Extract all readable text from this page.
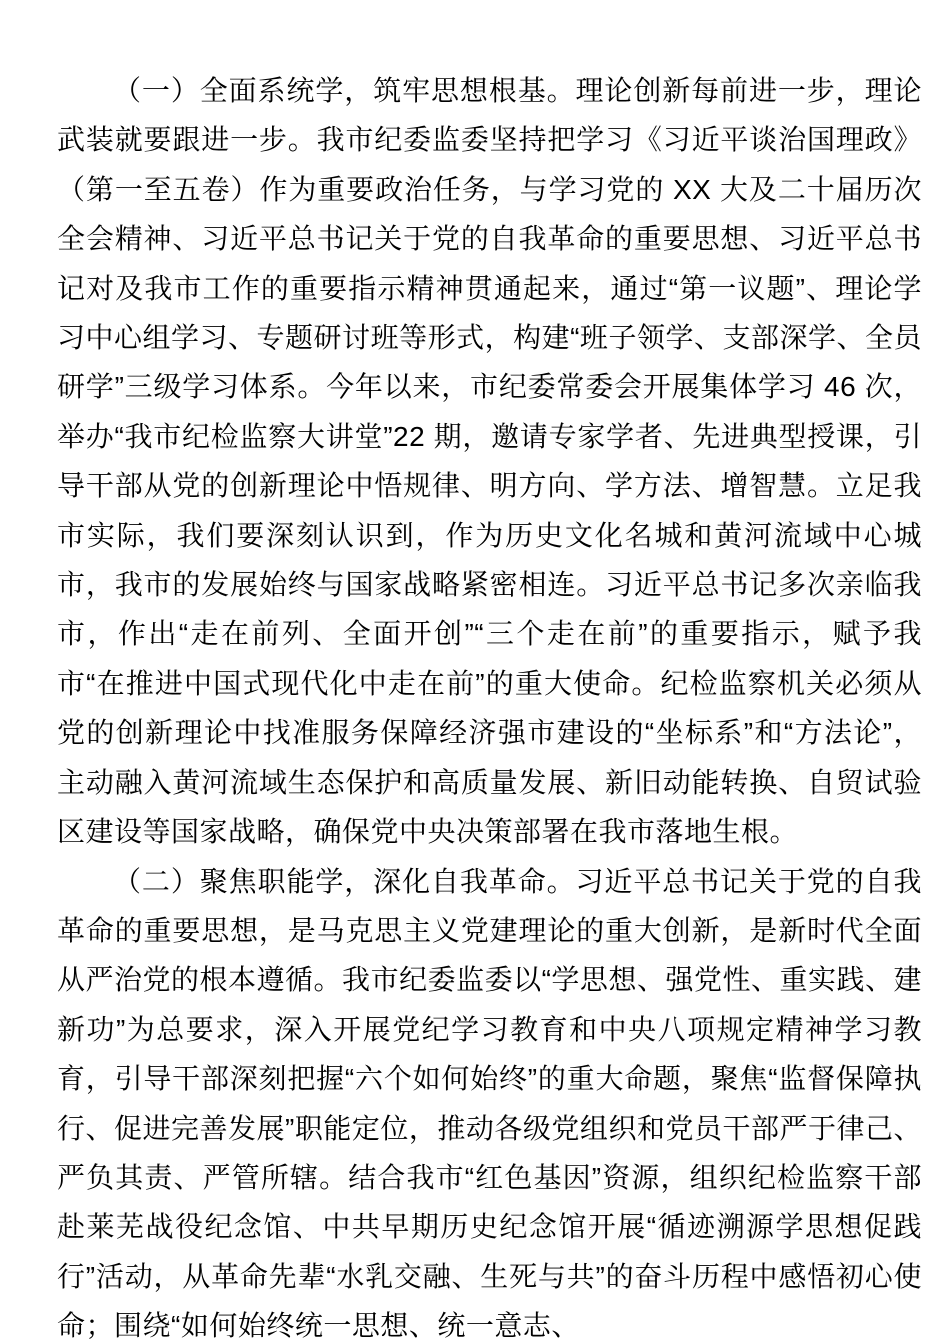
（一）全面系统学，筑牢思想根基。理论创新每前进一步，理论武装就要跟进一步。我市纪委监委坚持把学习《习近平谈治国理政》（第一至五卷）作为重要政治任务，与学习党的 XX 大及二十届历次全会精神、习近平总书记关于党的自我革命的重要思想、习近平总书记对及我市工作的重要指示精神贯通起来，通过“第一议题”、理论学习中心组学习、专题研讨班等形式，构建“班子领学、支部深学、全员研学”三级学习体系。今年以来，市纪委常委会开展集体学习 46 次，举办“我市纪检监察大讲堂”22 期，邀请专家学者、先进典型授课，引导干部从党的创新理论中悟规律、明方向、学方法、增智慧。立足我市实际，我们要深刻认识到，作为历史文化名城和黄河流域中心城市，我市的发展始终与国家战略紧密相连。习近平总书记多次亲临我市，作出“走在前列、全面开创”“三个走在前”的重要指示，赋予我市“在推进中国式现代化中走在前”的重大使命。纪检监察机关必须从党的创新理论中找准服务保障经济强市建设的“坐标系”和“方法论”，主动融入黄河流域生态保护和高质量发展、新旧动能转换、自贸试验区建设等国家战略，确保党中央决策部署在我市落地生根。

（二）聚焦职能学，深化自我革命。习近平总书记关于党的自我革命的重要思想，是马克思主义党建理论的重大创新，是新时代全面从严治党的根本遵循。我市纪委监委以“学思想、强党性、重实践、建新功”为总要求，深入开展党纪学习教育和中央八项规定精神学习教育，引导干部深刻把握“六个如何始终”的重大命题，聚焦“监督保障执行、促进完善发展”职能定位，推动各级党组织和党员干部严于律己、严负其责、严管所辖。结合我市“红色基因”资源，组织纪检监察干部赴莱芜战役纪念馆、中共早期历史纪念馆开展“循迹溯源学思想促践行”活动，从革命先辈“水乳交融、生死与共”的奋斗历程中感悟初心使命；围绕“如何始终统一思想、统一意志、
